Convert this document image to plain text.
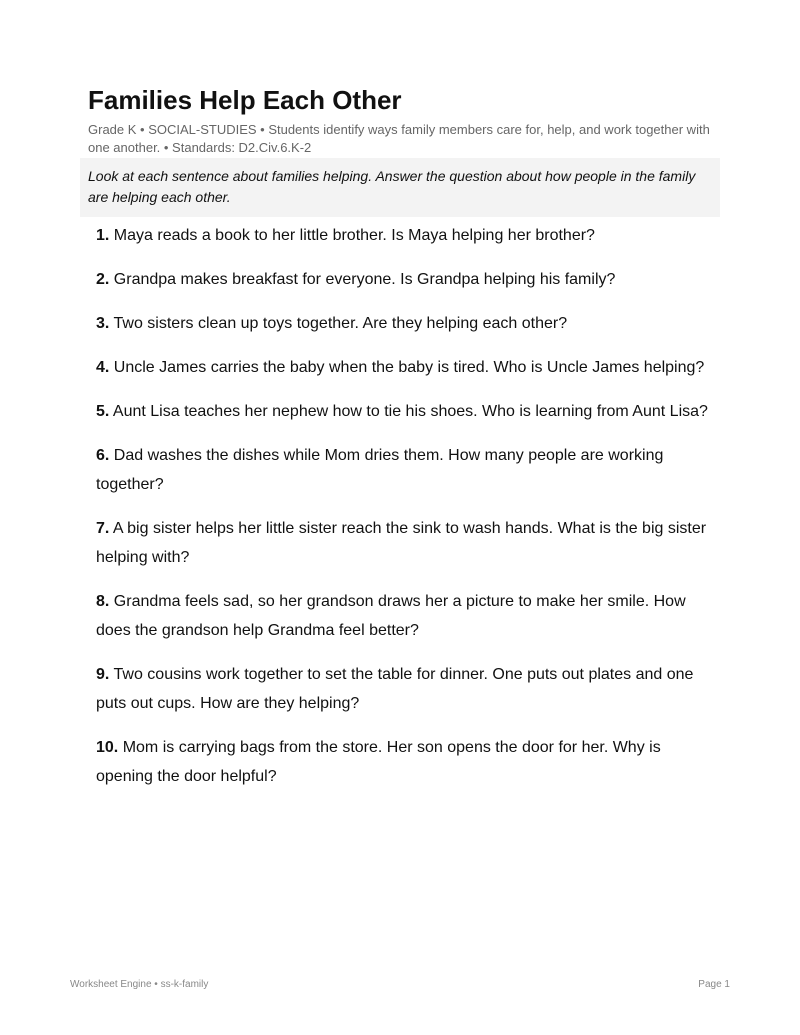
Families Help Each Other

Grade K • SOCIAL-STUDIES • Students identify ways family members care for, help, and work together with one another. • Standards: D2.Civ.6.K-2

Look at each sentence about families helping. Answer the question about how people in the family are helping each other.
1. Maya reads a book to her little brother. Is Maya helping her brother?
2. Grandpa makes breakfast for everyone. Is Grandpa helping his family?
3. Two sisters clean up toys together. Are they helping each other?
4. Uncle James carries the baby when the baby is tired. Who is Uncle James helping?
5. Aunt Lisa teaches her nephew how to tie his shoes. Who is learning from Aunt Lisa?
6. Dad washes the dishes while Mom dries them. How many people are working together?
7. A big sister helps her little sister reach the sink to wash hands. What is the big sister helping with?
8. Grandma feels sad, so her grandson draws her a picture to make her smile. How does the grandson help Grandma feel better?
9. Two cousins work together to set the table for dinner. One puts out plates and one puts out cups. How are they helping?
10. Mom is carrying bags from the store. Her son opens the door for her. Why is opening the door helpful?
Worksheet Engine • ss-k-family	Page 1
